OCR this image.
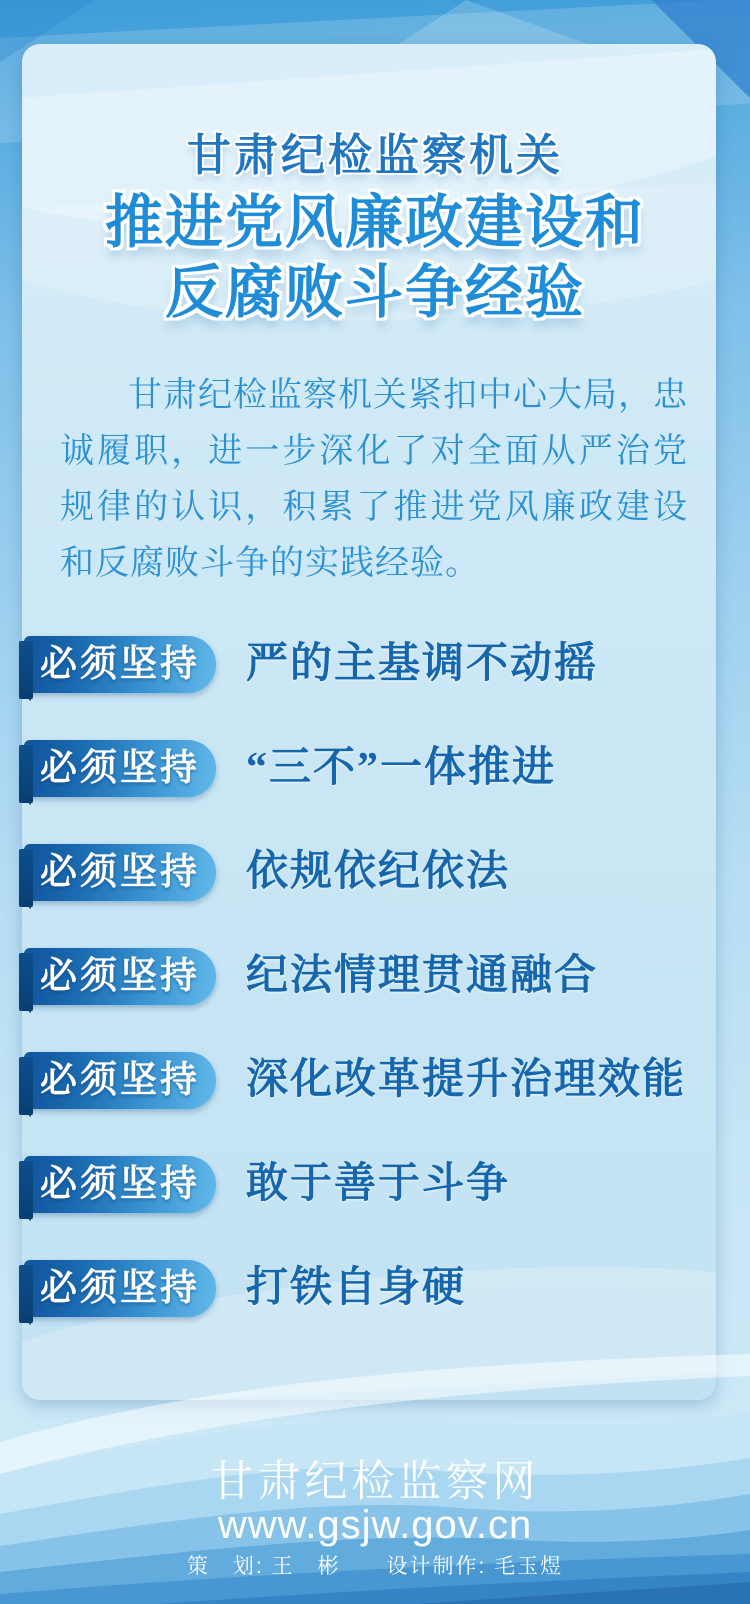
甘肃纪检监察机关
推进党风廉政建设和
反腐败斗争经验

甘肃纪检监察机关紧扣中心大局，忠诚履职，进一步深化了对全面从严治党规律的认识，积累了推进党风廉政建设和反腐败斗争的实践经验。

必须坚持	严的主基调不动摇
必须坚持	“三不”一体推进
必须坚持	依规依纪依法
必须坚持	纪法情理贯通融合
必须坚持	深化改革提升治理效能
必须坚持	敢于善于斗争
必须坚持	打铁自身硬
甘肃纪检监察网
www.gsjw.gov.cn
策　划: 王　彬　　设计制作: 毛玉煜
